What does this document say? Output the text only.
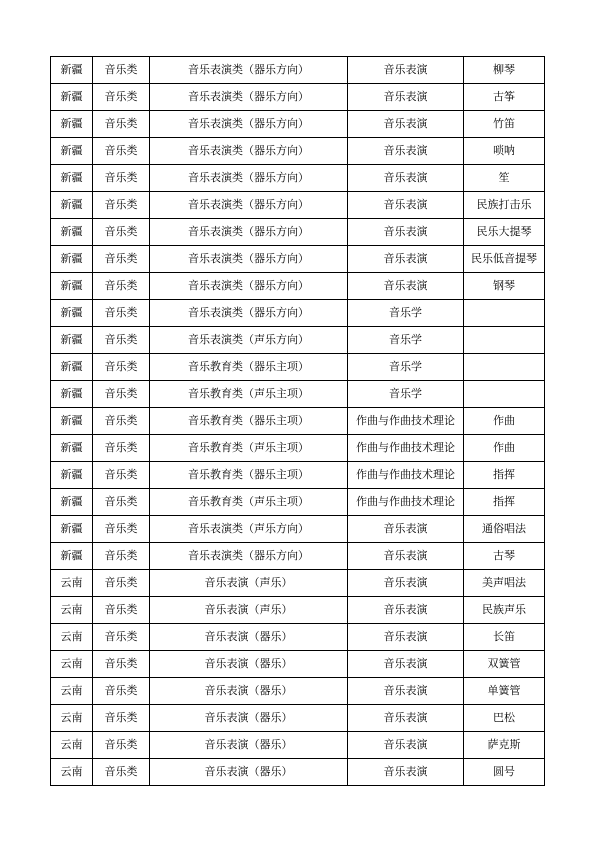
新疆	音乐类	音乐表演类（器乐方向）	音乐表演	柳琴
新疆	音乐类	音乐表演类（器乐方向）	音乐表演	古筝
新疆	音乐类	音乐表演类（器乐方向）	音乐表演	竹笛
新疆	音乐类	音乐表演类（器乐方向）	音乐表演	唢呐
新疆	音乐类	音乐表演类（器乐方向）	音乐表演	笙
新疆	音乐类	音乐表演类（器乐方向）	音乐表演	民族打击乐
新疆	音乐类	音乐表演类（器乐方向）	音乐表演	民乐大提琴
新疆	音乐类	音乐表演类（器乐方向）	音乐表演	民乐低音提琴
新疆	音乐类	音乐表演类（器乐方向）	音乐表演	钢琴
新疆	音乐类	音乐表演类（器乐方向）	音乐学	
新疆	音乐类	音乐表演类（声乐方向）	音乐学	
新疆	音乐类	音乐教育类（器乐主项）	音乐学	
新疆	音乐类	音乐教育类（声乐主项）	音乐学	
新疆	音乐类	音乐教育类（器乐主项）	作曲与作曲技术理论	作曲
新疆	音乐类	音乐教育类（声乐主项）	作曲与作曲技术理论	作曲
新疆	音乐类	音乐教育类（器乐主项）	作曲与作曲技术理论	指挥
新疆	音乐类	音乐教育类（声乐主项）	作曲与作曲技术理论	指挥
新疆	音乐类	音乐表演类（声乐方向）	音乐表演	通俗唱法
新疆	音乐类	音乐表演类（器乐方向）	音乐表演	古琴
云南	音乐类	音乐表演（声乐）	音乐表演	美声唱法
云南	音乐类	音乐表演（声乐）	音乐表演	民族声乐
云南	音乐类	音乐表演（器乐）	音乐表演	长笛
云南	音乐类	音乐表演（器乐）	音乐表演	双簧管
云南	音乐类	音乐表演（器乐）	音乐表演	单簧管
云南	音乐类	音乐表演（器乐）	音乐表演	巴松
云南	音乐类	音乐表演（器乐）	音乐表演	萨克斯
云南	音乐类	音乐表演（器乐）	音乐表演	圆号
